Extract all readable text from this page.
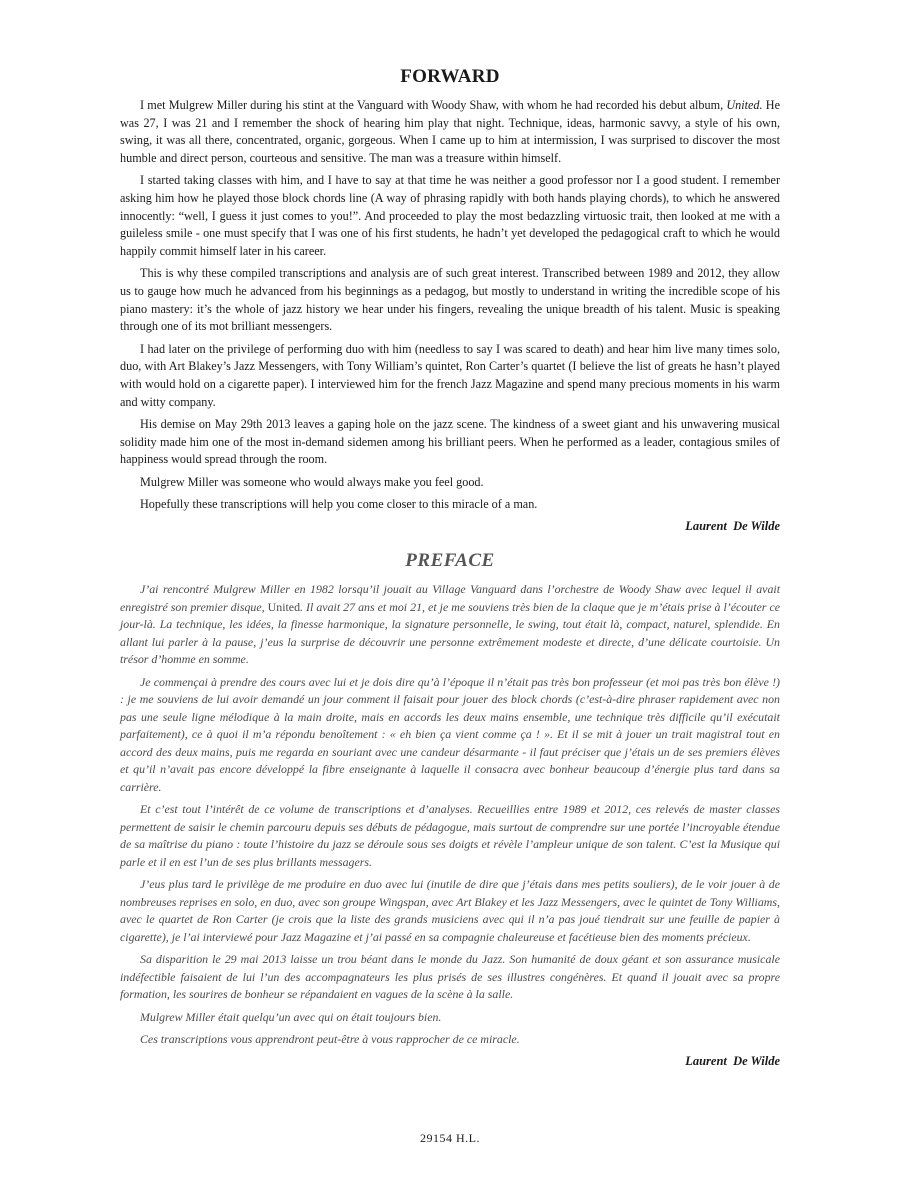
FORWARD

I met Mulgrew Miller during his stint at the Vanguard with Woody Shaw, with whom he had recorded his debut album, United. He was 27, I was 21 and I remember the shock of hearing him play that night. Technique, ideas, harmonic savvy, a style of his own, swing, it was all there, concentrated, organic, gorgeous. When I came up to him at intermission, I was surprised to discover the most humble and direct person, courteous and sensitive. The man was a treasure within himself.

I started taking classes with him, and I have to say at that time he was neither a good professor nor I a good student. I remember asking him how he played those block chords line (A way of phrasing rapidly with both hands playing chords), to which he answered innocently: “well, I guess it just comes to you!”. And proceeded to play the most bedazzling virtuosic trait, then looked at me with a guileless smile - one must specify that I was one of his first students, he hadn’t yet developed the pedagogical craft to which he would happily commit himself later in his career.

This is why these compiled transcriptions and analysis are of such great interest. Transcribed between 1989 and 2012, they allow us to gauge how much he advanced from his beginnings as a pedagog, but mostly to understand in writing the incredible scope of his piano mastery: it’s the whole of jazz history we hear under his fingers, revealing the unique breadth of his talent. Music is speaking through one of its mot brilliant messengers.

I had later on the privilege of performing duo with him (needless to say I was scared to death) and hear him live many times solo, duo, with Art Blakey’s Jazz Messengers, with Tony William’s quintet, Ron Carter’s quartet (I believe the list of greats he hasn’t played with would hold on a cigarette paper). I interviewed him for the french Jazz Magazine and spend many precious moments in his warm and witty company.

His demise on May 29th 2013 leaves a gaping hole on the jazz scene. The kindness of a sweet giant and his unwavering musical solidity made him one of the most in-demand sidemen among his brilliant peers. When he performed as a leader, contagious smiles of happiness would spread through the room.

Mulgrew Miller was someone who would always make you feel good.

Hopefully these transcriptions will help you come closer to this miracle of a man.

Laurent  De Wilde
PREFACE

J’ai rencontré Mulgrew Miller en 1982 lorsqu’il jouait au Village Vanguard dans l’orchestre de Woody Shaw avec lequel il avait enregistré son premier disque, United. Il avait 27 ans et moi 21, et je me souviens très bien de la claque que je m’étais prise à l’écouter ce jour-là. La technique, les idées, la finesse harmonique, la signature personnelle, le swing, tout était là, compact, naturel, splendide. En allant lui parler à la pause, j’eus la surprise de découvrir une personne extrêmement modeste et directe, d’une délicate courtoisie. Un trésor d’homme en somme.

Je commençai à prendre des cours avec lui et je dois dire qu’à l’époque il n’était pas très bon professeur (et moi pas très bon élève !) : je me souviens de lui avoir demandé un jour comment il faisait pour jouer des block chords (c’est-à-dire phraser rapidement avec non pas une seule ligne mélodique à la main droite, mais en accords les deux mains ensemble, une technique très difficile qu’il exécutait parfaitement), ce à quoi il m’a répondu benoîtement : « eh bien ça vient comme ça ! ». Et il se mit à jouer un trait magistral tout en accord des deux mains, puis me regarda en souriant avec une candeur désarmante - il faut préciser que j’étais un de ses premiers élèves et qu’il n’avait pas encore développé la fibre enseignante à laquelle il consacra avec bonheur beaucoup d’énergie plus tard dans sa carrière.

Et c’est tout l’intérêt de ce volume de transcriptions et d’analyses. Recueillies entre 1989 et 2012, ces relevés de master classes permettent de saisir le chemin parcouru depuis ses débuts de pédagogue, mais surtout de comprendre sur une portée l’incroyable étendue de sa maîtrise du piano : toute l’histoire du jazz se déroule sous ses doigts et révèle l’ampleur unique de son talent. C’est la Musique qui parle et il en est l’un de ses plus brillants messagers.

J’eus plus tard le privilège de me produire en duo avec lui (inutile de dire que j’étais dans mes petits souliers), de le voir jouer à de nombreuses reprises en solo, en duo, avec son groupe Wingspan, avec Art Blakey et les Jazz Messengers, avec le quintet de Tony Williams, avec le quartet de Ron Carter (je crois que la liste des grands musiciens avec qui il n’a pas joué tiendrait sur une feuille de papier à cigarette), je l’ai interviewé pour Jazz Magazine et j’ai passé en sa compagnie chaleureuse et facétieuse bien des moments précieux.

Sa disparition le 29 mai 2013 laisse un trou béant dans le monde du Jazz. Son humanité de doux géant et son assurance musicale indéfectible faisaient de lui l’un des accompagnateurs les plus prisés de ses illustres congénères. Et quand il jouait avec sa propre formation, les sourires de bonheur se répandaient en vagues de la scène à la salle.

Mulgrew Miller était quelqu’un avec qui on était toujours bien.

Ces transcriptions vous apprendront peut-être à vous rapprocher de ce miracle.

Laurent  De Wilde
29154 H.L.
